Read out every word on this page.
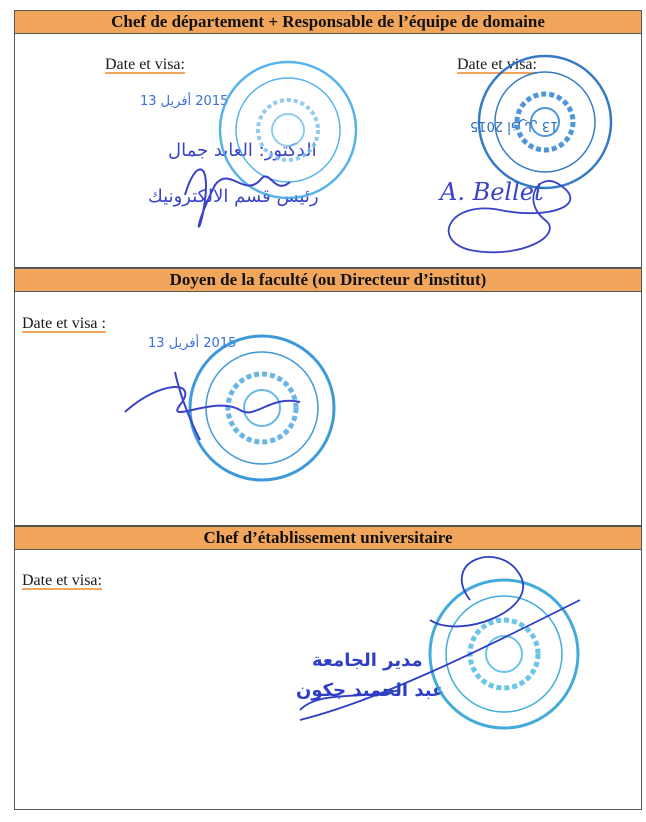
Chef de département + Responsable de l’équipe de domaine
Date et visa:	Date et visa:
2015 أفريل 13
2015 أفريل 13
الدكتور: العابد جمال
رئيس قسم الالكترونيك	A. Bellet
Doyen de la faculté (ou Directeur d’institut)
Date et visa :
2015 أفريل 13
Chef d’établissement universitaire
Date et visa:
مدير الجامعة
عبد الحميد جكون
